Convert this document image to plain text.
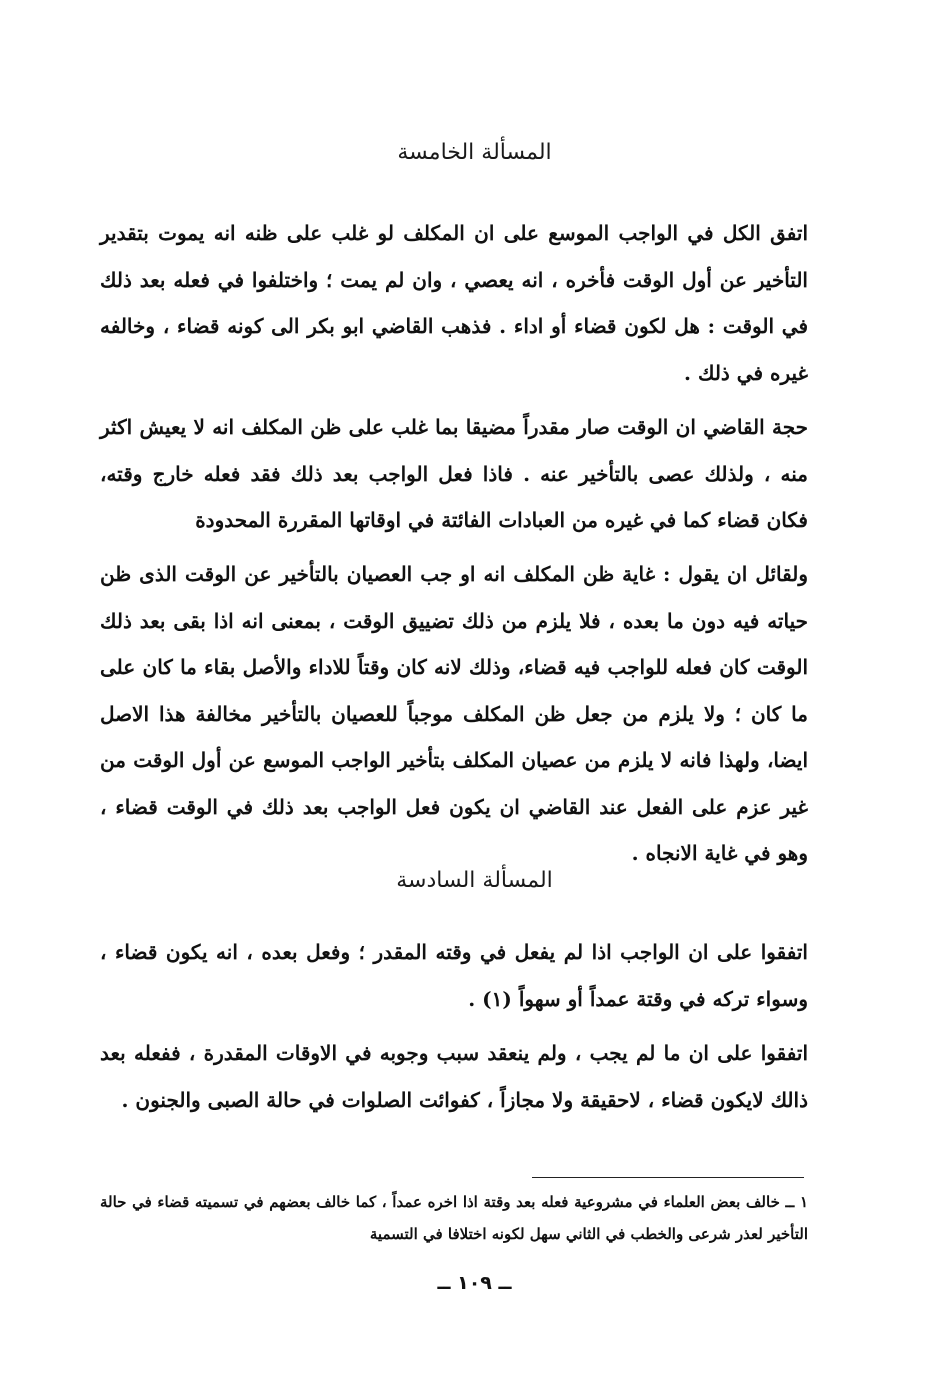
المسألة الخامسة

اتفق الكل في الواجب الموسع على ان المكلف لو غلب على ظنه انه يموت بتقدير التأخير عن أول الوقت فأخره ، انه يعصي ، وان لم يمت ؛ واختلفوا في فعله بعد ذلك في الوقت : هل لكون قضاء أو اداء . فذهب القاضي ابو بكر الى كونه قضاء ، وخالفه غيره في ذلك .

حجة القاضي ان الوقت صار مقدراً مضيقا بما غلب على ظن المكلف انه لا يعيش اكثر منه ، ولذلك عصى بالتأخير عنه . فاذا فعل الواجب بعد ذلك فقد فعله خارج وقته، فكان قضاء كما في غيره من العبادات الفائتة في اوقاتها المقررة المحدودة

ولقائل ان يقول : غاية ظن المكلف انه او جب العصيان بالتأخير عن الوقت الذى ظن حياته فيه دون ما بعده ، فلا يلزم من ذلك تضييق الوقت ، بمعنى انه اذا بقى بعد ذلك الوقت كان فعله للواجب فيه قضاء، وذلك لانه كان وقتاً للاداء والأصل بقاء ما كان على ما كان ؛ ولا يلزم من جعل ظن المكلف موجباً للعصيان بالتأخير مخالفة هذا الاصل ايضا، ولهذا فانه لا يلزم من عصيان المكلف بتأخير الواجب الموسع عن أول الوقت من غير عزم على الفعل عند القاضي ان يكون فعل الواجب بعد ذلك في الوقت قضاء ، وهو في غاية الانجاه .

المسألة السادسة

اتفقوا على ان الواجب اذا لم يفعل في وقته المقدر ؛ وفعل بعده ، انه يكون قضاء ، وسواء تركه في وقتة عمداً أو سهواً (١) .

اتفقوا على ان ما لم يجب ، ولم ينعقد سبب وجوبه في الاوقات المقدرة ، ففعله بعد ذالك لايكون قضاء ، لاحقيقة ولا مجازاً ، كفوائت الصلوات في حالة الصبى والجنون .

١ ــ خالف بعض العلماء في مشروعية فعله بعد وقتة اذا اخره عمداً ، كما خالف بعضهم في تسميته قضاء في حالة التأخير لعذر شرعى والخطب في الثاني سهل لكونه اختلافا في التسمية

ــ ١٠٩ ــ
